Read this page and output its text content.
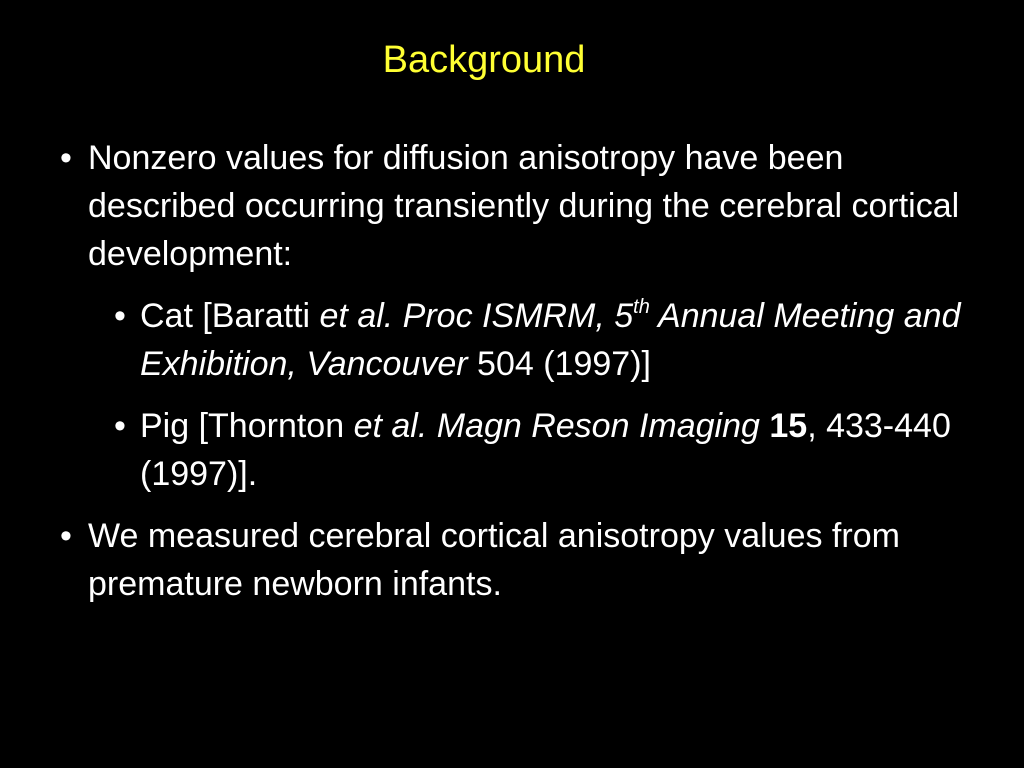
Background
• Nonzero values for diffusion anisotropy have been described occurring transiently during the cerebral cortical development:
• Cat [Baratti et al. Proc ISMRM, 5th Annual Meeting and Exhibition, Vancouver 504 (1997)]
• Pig [Thornton et al. Magn Reson Imaging 15, 433-440 (1997)].
• We measured cerebral cortical anisotropy values from premature newborn infants.
